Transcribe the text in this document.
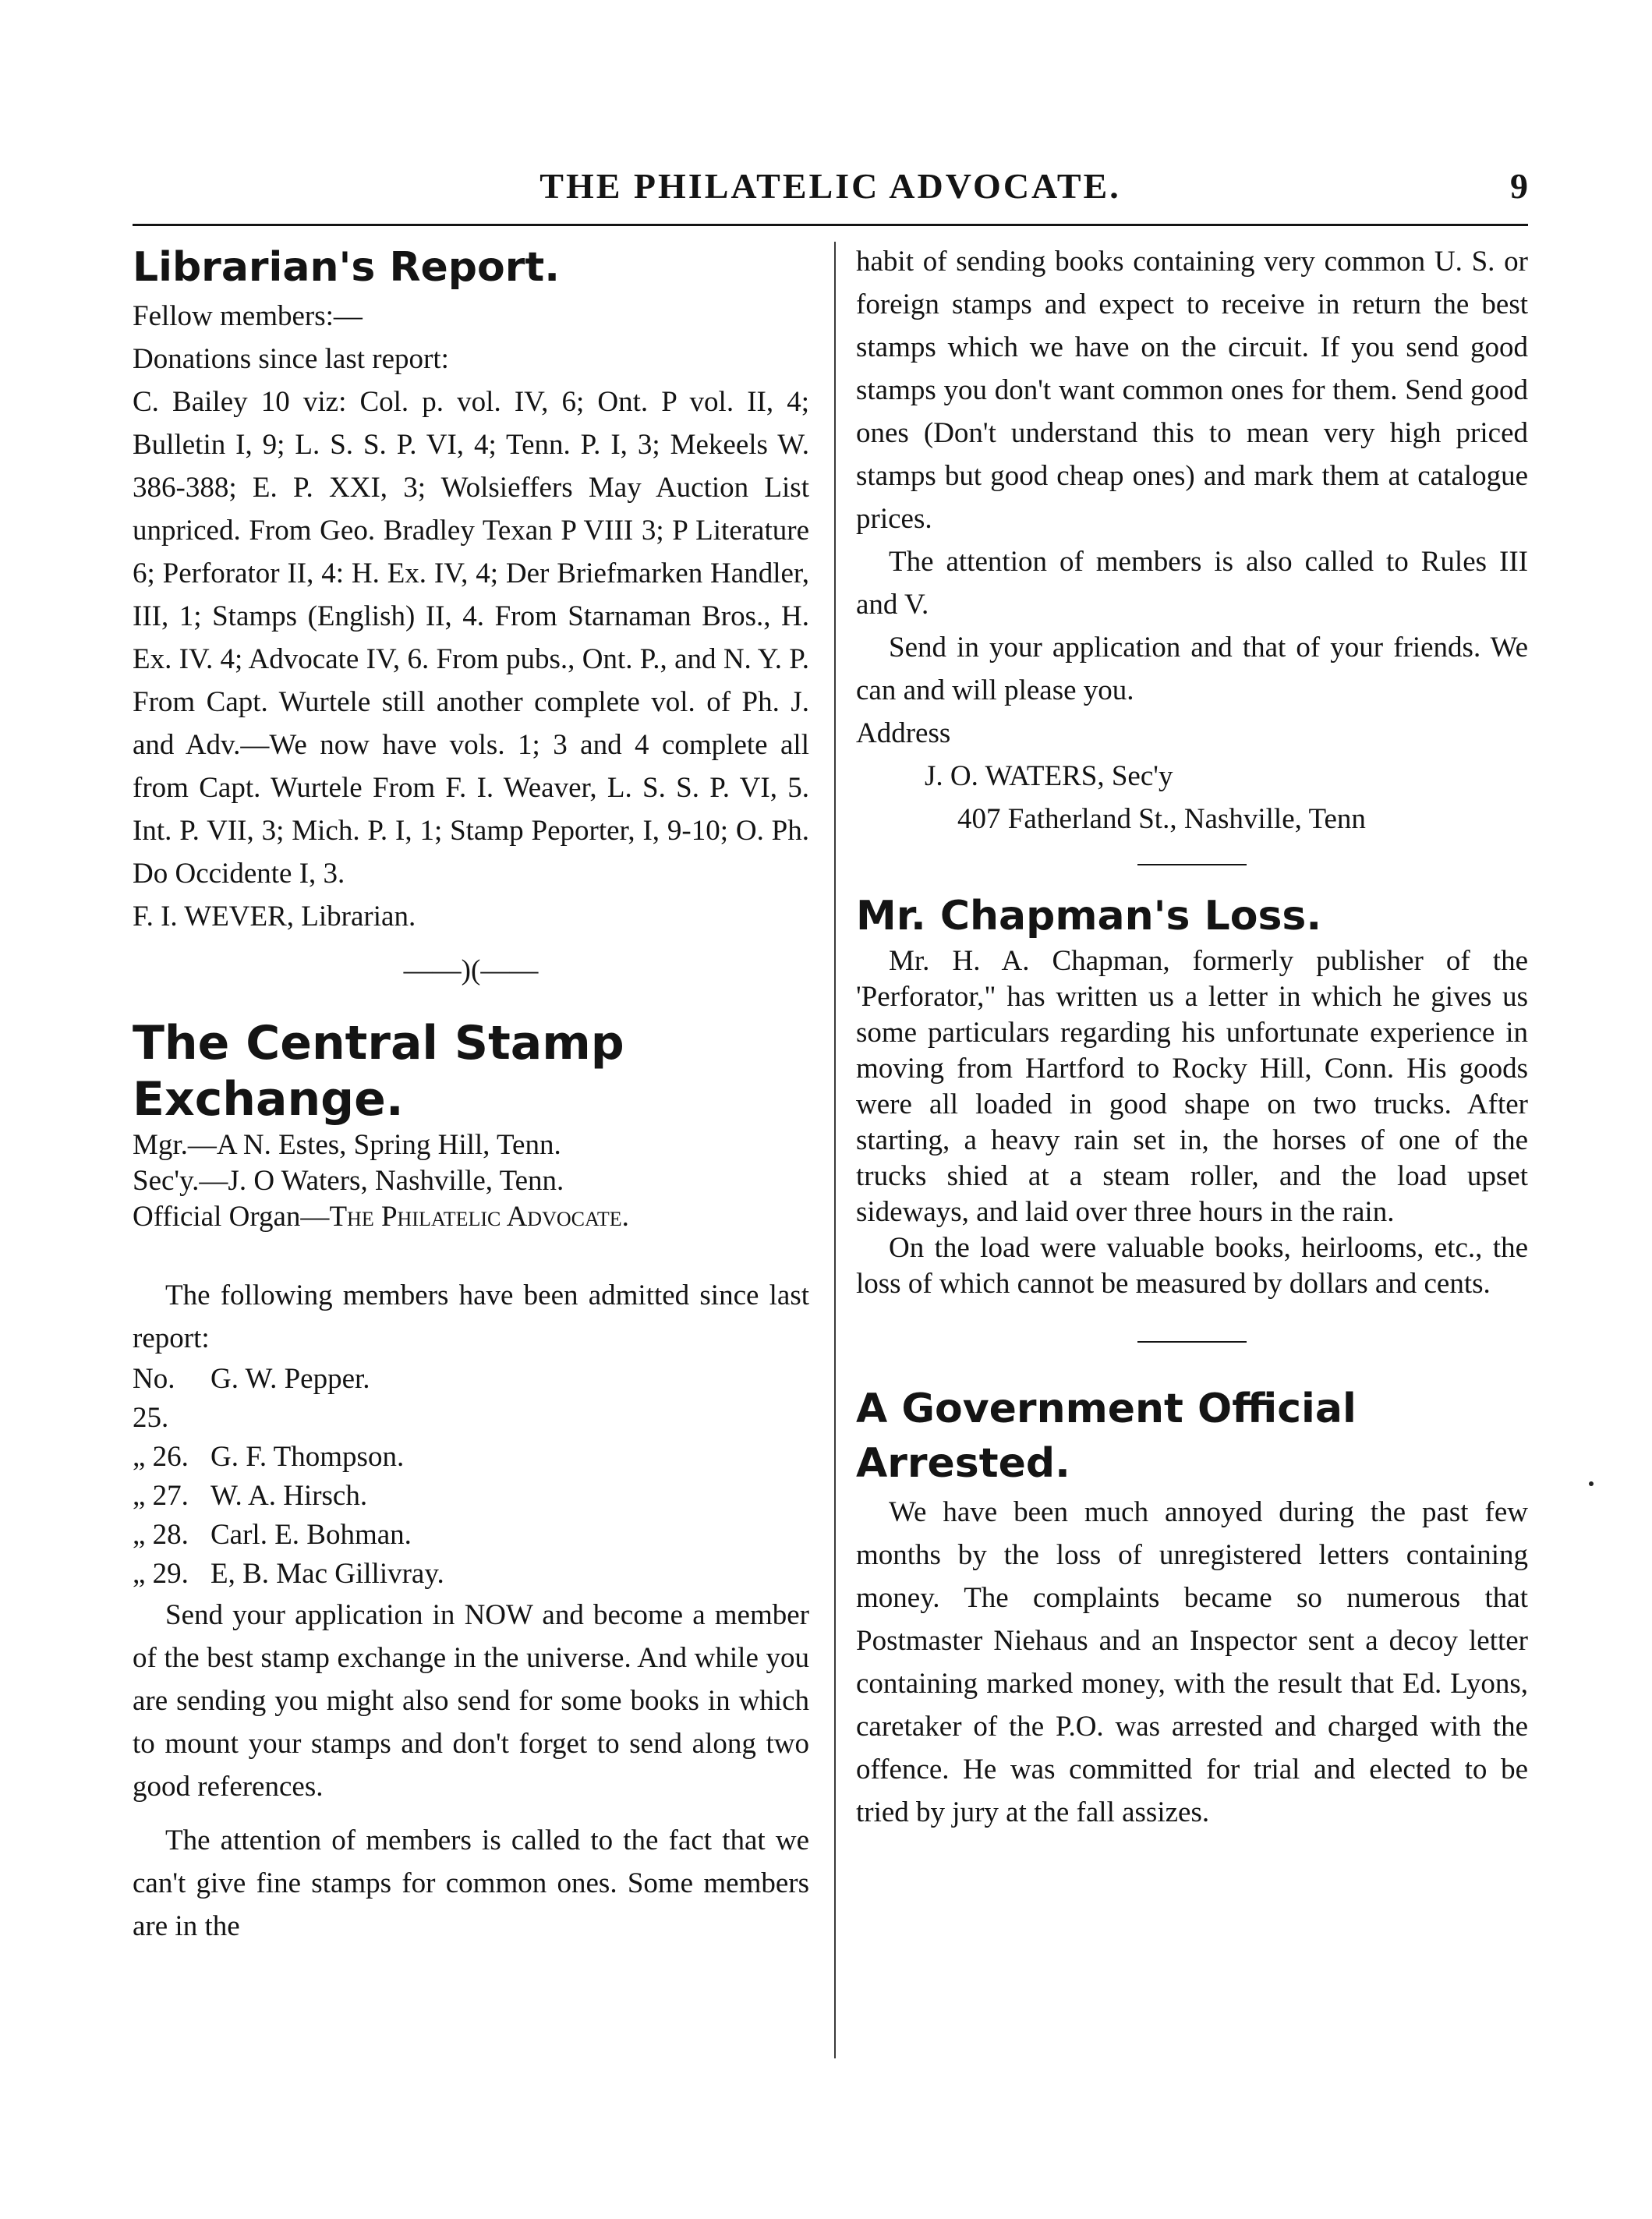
THE PHILATELIC ADVOCATE.	9

Librarian's Report.

Fellow members:—

Donations since last report:

C. Bailey 10 viz: Col. p. vol. IV, 6; Ont. P vol. II, 4; Bulletin I, 9; L. S. S. P. VI, 4; Tenn. P. I, 3; Mekeels W. 386-388; E. P. XXI, 3; Wolsieffers May Auction List unpriced. From Geo. Bradley Texan P VIII 3; P Literature 6; Perforator II, 4: H. Ex. IV, 4; Der Briefmarken Handler, III, 1; Stamps (English) II, 4. From Starnaman Bros., H. Ex. IV. 4; Advocate IV, 6. From pubs., Ont. P., and N. Y. P. From Capt. Wurtele still another complete vol. of Ph. J. and Adv.—We now have vols. 1; 3 and 4 complete all from Capt. Wurtele From F. I. Weaver, L. S. S. P. VI, 5. Int. P. VII, 3; Mich. P. I, 1; Stamp Peporter, I, 9-10; O. Ph. Do Occidente I, 3.

F. I. WEVER, Librarian.

——)(——

The Central Stamp

Exchange.

Mgr.—A N. Estes, Spring Hill, Tenn.

Sec'y.—J. O Waters, Nashville, Tenn.

Official Organ—The Philatelic Advocate.

The following members have been admitted since last report:

No. 25.
G. W. Pepper.
„ 26. G. F. Thompson.
„ 27. W. A. Hirsch.
„ 28. Carl. E. Bohman.
„ 29. E, B. Mac Gillivray.

Send your application in NOW and become a member of the best stamp exchange in the universe. And while you are sending you might also send for some books in which to mount your stamps and don't forget to send along two good references.

The attention of members is called to the fact that we can't give fine stamps for common ones. Some members are in the

habit of sending books containing very common U. S. or foreign stamps and expect to receive in return the best stamps which we have on the circuit. If you send good stamps you don't want common ones for them. Send good ones (Don't understand this to mean very high priced stamps but good cheap ones) and mark them at catalogue prices.

The attention of members is also called to Rules III and V.

Send in your application and that of your friends. We can and will please you.

Address

J. O. WATERS, Sec'y

407 Fatherland St., Nashville, Tenn

Mr. Chapman's Loss.

Mr. H. A. Chapman, formerly publisher of the 'Perforator," has written us a letter in which he gives us some particulars regarding his unfortunate experience in moving from Hartford to Rocky Hill, Conn. His goods were all loaded in good shape on two trucks. After starting, a heavy rain set in, the horses of one of the trucks shied at a steam roller, and the load upset sideways, and laid over three hours in the rain.

On the load were valuable books, heirlooms, etc., the loss of which cannot be measured by dollars and cents.

A Government Official

Arrested.

We have been much annoyed during the past few months by the loss of unregistered letters containing money. The complaints became so numerous that Postmaster Niehaus and an Inspector sent a decoy letter containing marked money, with the result that Ed. Lyons, caretaker of the P.O. was arrested and charged with the offence. He was committed for trial and elected to be tried by jury at the fall assizes.
